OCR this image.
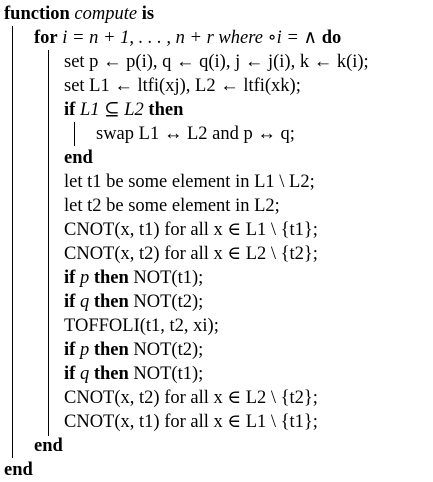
function compute is
for i = n + 1, . . . , n + r where ∘i = ∧ do
set p ← p(i), q ← q(i), j ← j(i), k ← k(i);
set L1 ← ltfi(xj), L2 ← ltfi(xk);
if L1 ⊆ L2 then
swap L1 ↔ L2 and p ↔ q;
end
let t1 be some element in L1 \ L2;
let t2 be some element in L2;
CNOT(x, t1) for all x ∈ L1 \ {t1};
CNOT(x, t2) for all x ∈ L2 \ {t2};
if p then NOT(t1);
if q then NOT(t2);
TOFFOLI(t1, t2, xi);
if p then NOT(t2);
if q then NOT(t1);
CNOT(x, t2) for all x ∈ L2 \ {t2};
CNOT(x, t1) for all x ∈ L1 \ {t1};
end
end
